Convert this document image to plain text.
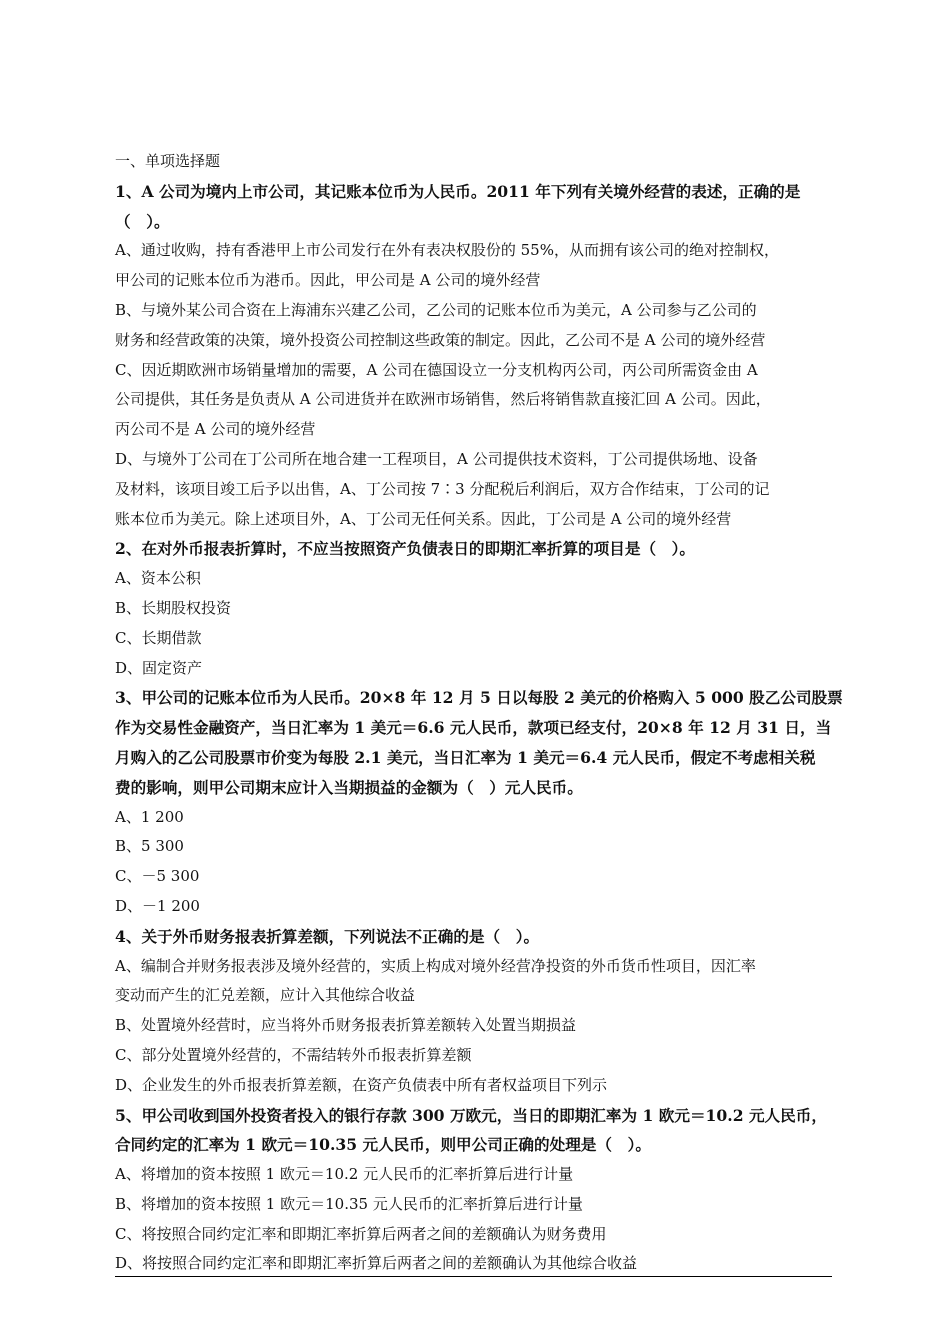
一、单项选择题

1、A 公司为境内上市公司，其记账本位币为人民币。2011 年下列有关境外经营的表述，正确的是

（　）。

A、通过收购，持有香港甲上市公司发行在外有表决权股份的 55%，从而拥有该公司的绝对控制权，

甲公司的记账本位币为港币。因此，甲公司是 A 公司的境外经营

B、与境外某公司合资在上海浦东兴建乙公司，乙公司的记账本位币为美元，A 公司参与乙公司的

财务和经营政策的决策，境外投资公司控制这些政策的制定。因此，乙公司不是 A 公司的境外经营

C、因近期欧洲市场销量增加的需要，A 公司在德国设立一分支机构丙公司，丙公司所需资金由 A

公司提供，其任务是负责从 A 公司进货并在欧洲市场销售，然后将销售款直接汇回 A 公司。因此，

丙公司不是 A 公司的境外经营

D、与境外丁公司在丁公司所在地合建一工程项目，A 公司提供技术资料，丁公司提供场地、设备

及材料，该项目竣工后予以出售，A、丁公司按 7∶3 分配税后利润后，双方合作结束，丁公司的记

账本位币为美元。除上述项目外，A、丁公司无任何关系。因此，丁公司是 A 公司的境外经营

2、在对外币报表折算时，不应当按照资产负债表日的即期汇率折算的项目是（　）。

A、资本公积

B、长期股权投资

C、长期借款

D、固定资产

3、甲公司的记账本位币为人民币。20×8 年 12 月 5 日以每股 2 美元的价格购入 5 000 股乙公司股票

作为交易性金融资产，当日汇率为 1 美元＝6.6 元人民币，款项已经支付，20×8 年 12 月 31 日，当

月购入的乙公司股票市价变为每股 2.1 美元，当日汇率为 1 美元＝6.4 元人民币，假定不考虑相关税

费的影响，则甲公司期末应计入当期损益的金额为（　）元人民币。

A、1 200

B、5 300

C、－5 300

D、－1 200

4、关于外币财务报表折算差额，下列说法不正确的是（　）。

A、编制合并财务报表涉及境外经营的，实质上构成对境外经营净投资的外币货币性项目，因汇率

变动而产生的汇兑差额，应计入其他综合收益

B、处置境外经营时，应当将外币财务报表折算差额转入处置当期损益

C、部分处置境外经营的，不需结转外币报表折算差额

D、企业发生的外币报表折算差额，在资产负债表中所有者权益项目下列示

5、甲公司收到国外投资者投入的银行存款 300 万欧元，当日的即期汇率为 1 欧元＝10.2 元人民币，

合同约定的汇率为 1 欧元＝10.35 元人民币，则甲公司正确的处理是（　）。

A、将增加的资本按照 1 欧元＝10.2 元人民币的汇率折算后进行计量

B、将增加的资本按照 1 欧元＝10.35 元人民币的汇率折算后进行计量

C、将按照合同约定汇率和即期汇率折算后两者之间的差额确认为财务费用

D、将按照合同约定汇率和即期汇率折算后两者之间的差额确认为其他综合收益
